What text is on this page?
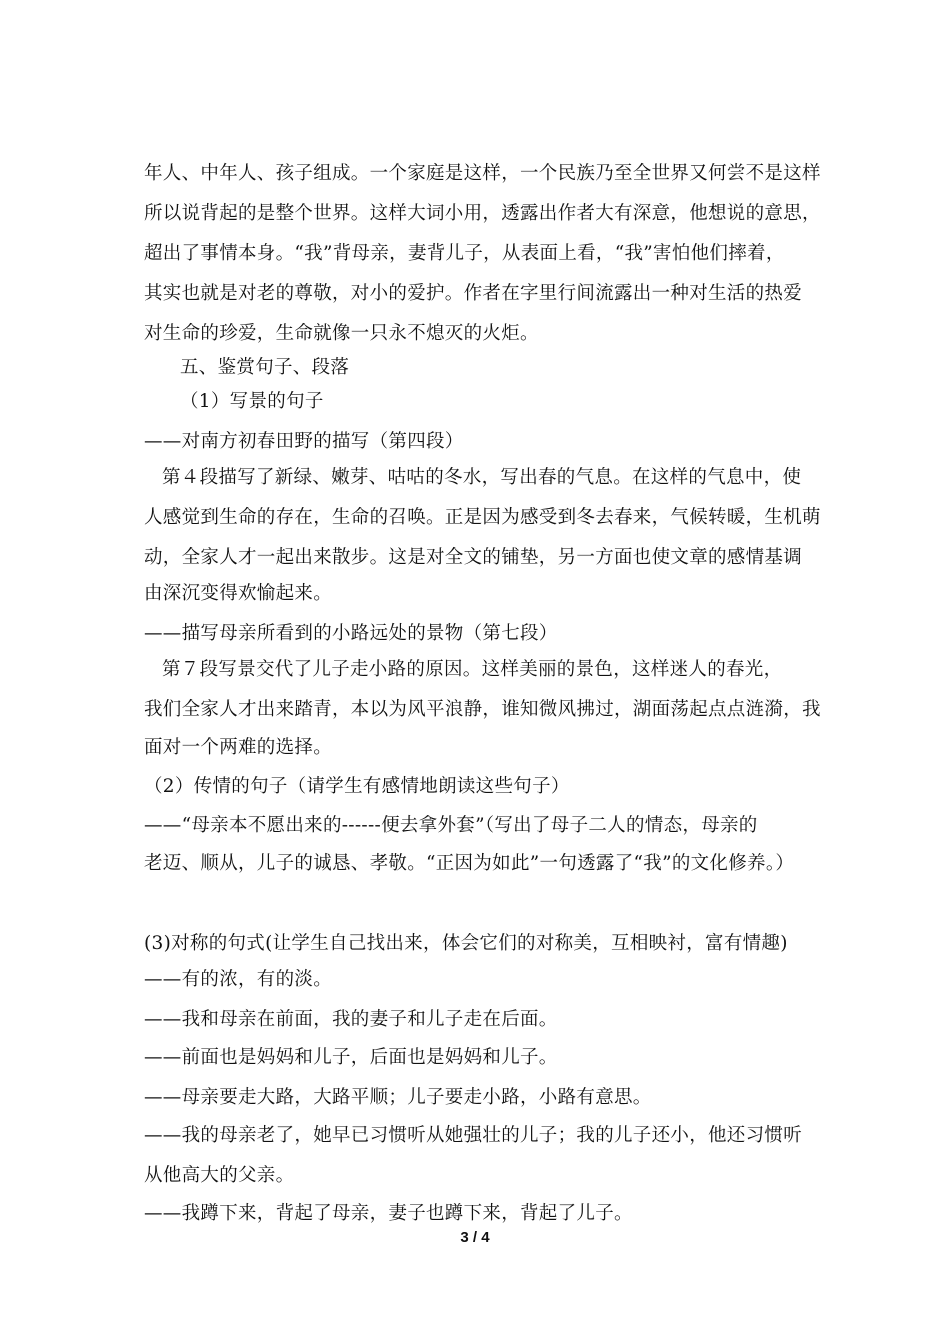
年人、中年人、孩子组成。一个家庭是这样，一个民族乃至全世界又何尝不是这样
所以说背起的是整个世界。这样大词小用，透露出作者大有深意，他想说的意思，
超出了事情本身。“我”背母亲，妻背儿子，从表面上看，“我”害怕他们摔着，
其实也就是对老的尊敬，对小的爱护。作者在字里行间流露出一种对生活的热爱
对生命的珍爱，生命就像一只永不熄灭的火炬。
五、鉴赏句子、段落
（1）写景的句子
——对南方初春田野的描写（第四段）
第４段描写了新绿、嫩芽、咕咕的冬水，写出春的气息。在这样的气息中，使
人感觉到生命的存在，生命的召唤。正是因为感受到冬去春来，气候转暖，生机萌
动，全家人才一起出来散步。这是对全文的铺垫，另一方面也使文章的感情基调
由深沉变得欢愉起来。
——描写母亲所看到的小路远处的景物（第七段）
第７段写景交代了儿子走小路的原因。这样美丽的景色，这样迷人的春光，
我们全家人才出来踏青，本以为风平浪静，谁知微风拂过，湖面荡起点点涟漪，我
面对一个两难的选择。
（2）传情的句子（请学生有感情地朗读这些句子）
——“母亲本不愿出来的------便去拿外套”（写出了母子二人的情态，母亲的
老迈、顺从，儿子的诚恳、孝敬。“正因为如此”一句透露了“我”的文化修养。）
(3)对称的句式(让学生自己找出来，体会它们的对称美，互相映衬，富有情趣)
——有的浓，有的淡。
——我和母亲在前面，我的妻子和儿子走在后面。
——前面也是妈妈和儿子，后面也是妈妈和儿子。
——母亲要走大路，大路平顺；儿子要走小路，小路有意思。
——我的母亲老了，她早已习惯听从她强壮的儿子；我的儿子还小，他还习惯听
从他高大的父亲。
——我蹲下来，背起了母亲，妻子也蹲下来，背起了儿子。
3 / 4
